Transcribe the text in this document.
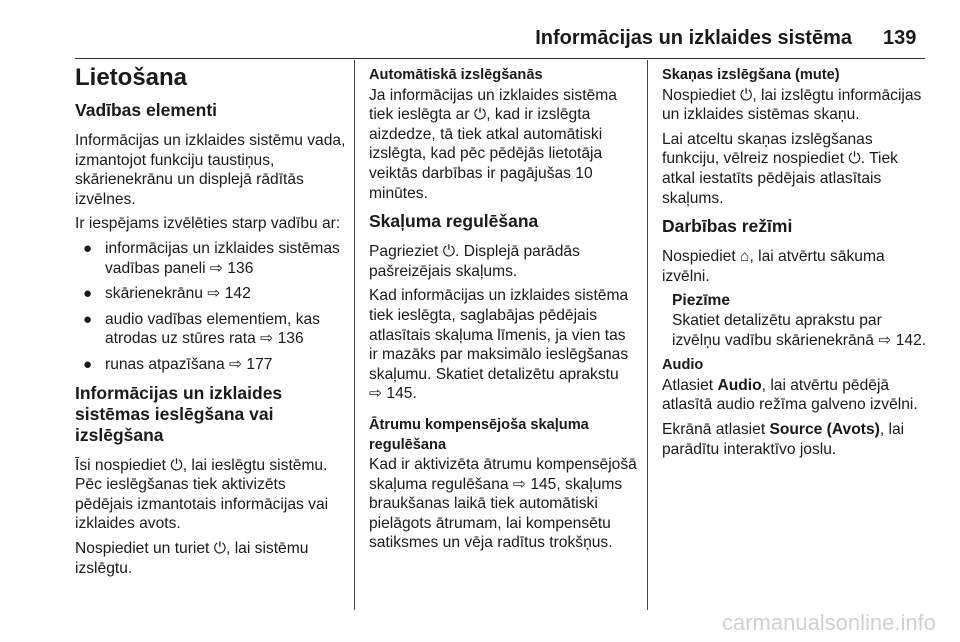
Informācijas un izklaides sistēma 139
Lietošana
Vadības elementi

Informācijas un izklaides sistēmu vada, izmantojot funkciju taustiņus, skārienekrānu un displejā rādītās izvēlnes.

Ir iespējams izvēlēties starp vadību ar:

● informācijas un izklaides sistēmas vadības paneli ⇨ 136
● skārienekrānu ⇨ 142
● audio vadības elementiem, kas atrodas uz stūres rata ⇨ 136
● runas atpazīšana ⇨ 177
Informācijas un izklaides sistēmas ieslēgšana vai izslēgšana

Īsi nospiediet ⏻, lai ieslēgtu sistēmu. Pēc ieslēgšanas tiek aktivizēts pēdējais izmantotais informācijas vai izklaides avots.

Nospiediet un turiet ⏻, lai sistēmu izslēgtu.

Automātiskā izslēgšanās

Ja informācijas un izklaides sistēma tiek ieslēgta ar ⏻, kad ir izslēgta aizdedze, tā tiek atkal automātiski izslēgta, kad pēc pēdējās lietotāja veiktās darbības ir pagājušas 10 minūtes.

Skaļuma regulēšana

Pagrieziet ⏻. Displejā parādās pašreizējais skaļums.

Kad informācijas un izklaides sistēma tiek ieslēgta, saglabājas pēdējais atlasītais skaļuma līmenis, ja vien tas ir mazāks par maksimālo ieslēgšanas skaļumu. Skatiet detalizētu aprakstu ⇨ 145.

Ātrumu kompensējoša skaļuma regulēšana

Kad ir aktivizēta ātrumu kompensējošā skaļuma regulēšana ⇨ 145, skaļums braukšanas laikā tiek automātiski pielāgots ātrumam, lai kompensētu satiksmes un vēja radītus trokšņus.

Skaņas izslēgšana (mute)

Nospiediet ⏻, lai izslēgtu informācijas un izklaides sistēmas skaņu.

Lai atceltu skaņas izslēgšanas funkciju, vēlreiz nospiediet ⏻. Tiek atkal iestatīts pēdējais atlasītais skaļums.

Darbības režīmi

Nospiediet ⌂, lai atvērtu sākuma izvēlni.

Piezīme
Skatiet detalizētu aprakstu par izvēlņu vadību skārienekrānā ⇨ 142.
Audio

Atlasiet Audio, lai atvērtu pēdējā atlasītā audio režīma galveno izvēlni.

Ekrānā atlasiet Source (Avots), lai parādītu interaktīvo joslu.

carmanualsonline.info
